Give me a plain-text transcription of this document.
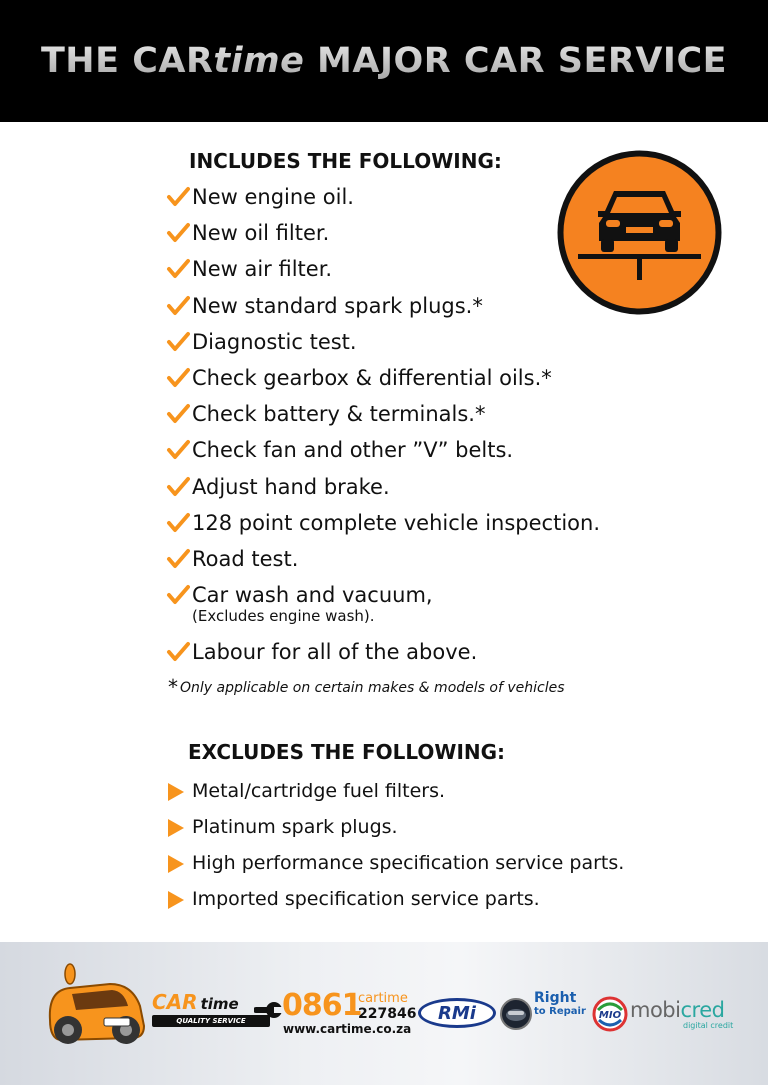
THE CARtime MAJOR CAR SERVICE
INCLUDES THE FOLLOWING:
New engine oil.
New oil filter.
New air filter.
New standard spark plugs.*
Diagnostic test.
Check gearbox & differential oils.*
Check battery & terminals.*
Check fan and other ”V” belts.
Adjust hand brake.
128 point complete vehicle inspection.
Road test.
Car wash and vacuum,
(Excludes engine wash).
Labour for all of the above.
* Only applicable on certain makes & models of vehicles
EXCLUDES THE FOLLOWING:
Metal/cartridge fuel filters.
Platinum spark plugs.
High performance specification service parts.
Imported specification service parts.
CAR time
QUALITY SERVICE	0861
cartime
227846
www.cartime.co.za
RMi
Right
to Repair	MIO mobicred
digital credit
